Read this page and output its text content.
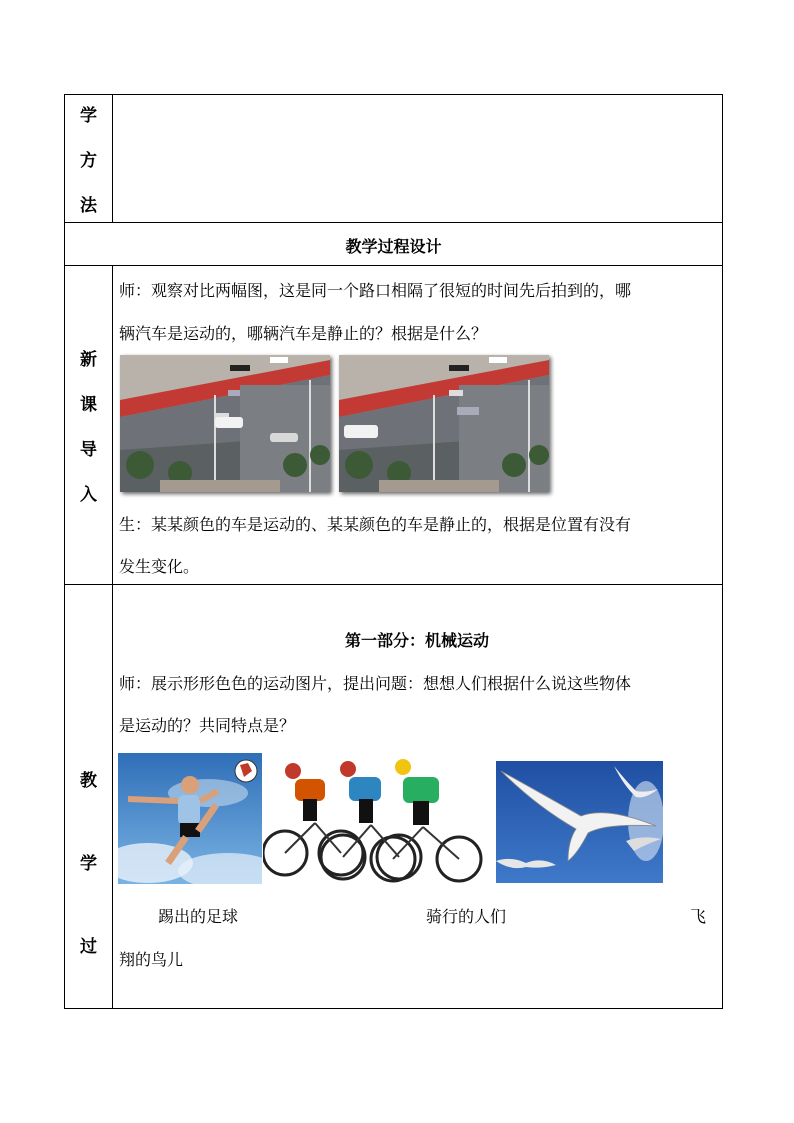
学
方
法
教学过程设计
新
课
导
入
师：观察对比两幅图，这是同一个路口相隔了很短的时间先后拍到的，哪
辆汽车是运动的，哪辆汽车是静止的？根据是什么？
生：某某颜色的车是运动的、某某颜色的车是静止的，根据是位置有没有
发生变化。
教
学
过
第一部分：机械运动
师：展示形形色色的运动图片，提出问题：想想人们根据什么说这些物体
是运动的？共同特点是？
踢出的足球	骑行的人们	飞
翔的鸟儿
